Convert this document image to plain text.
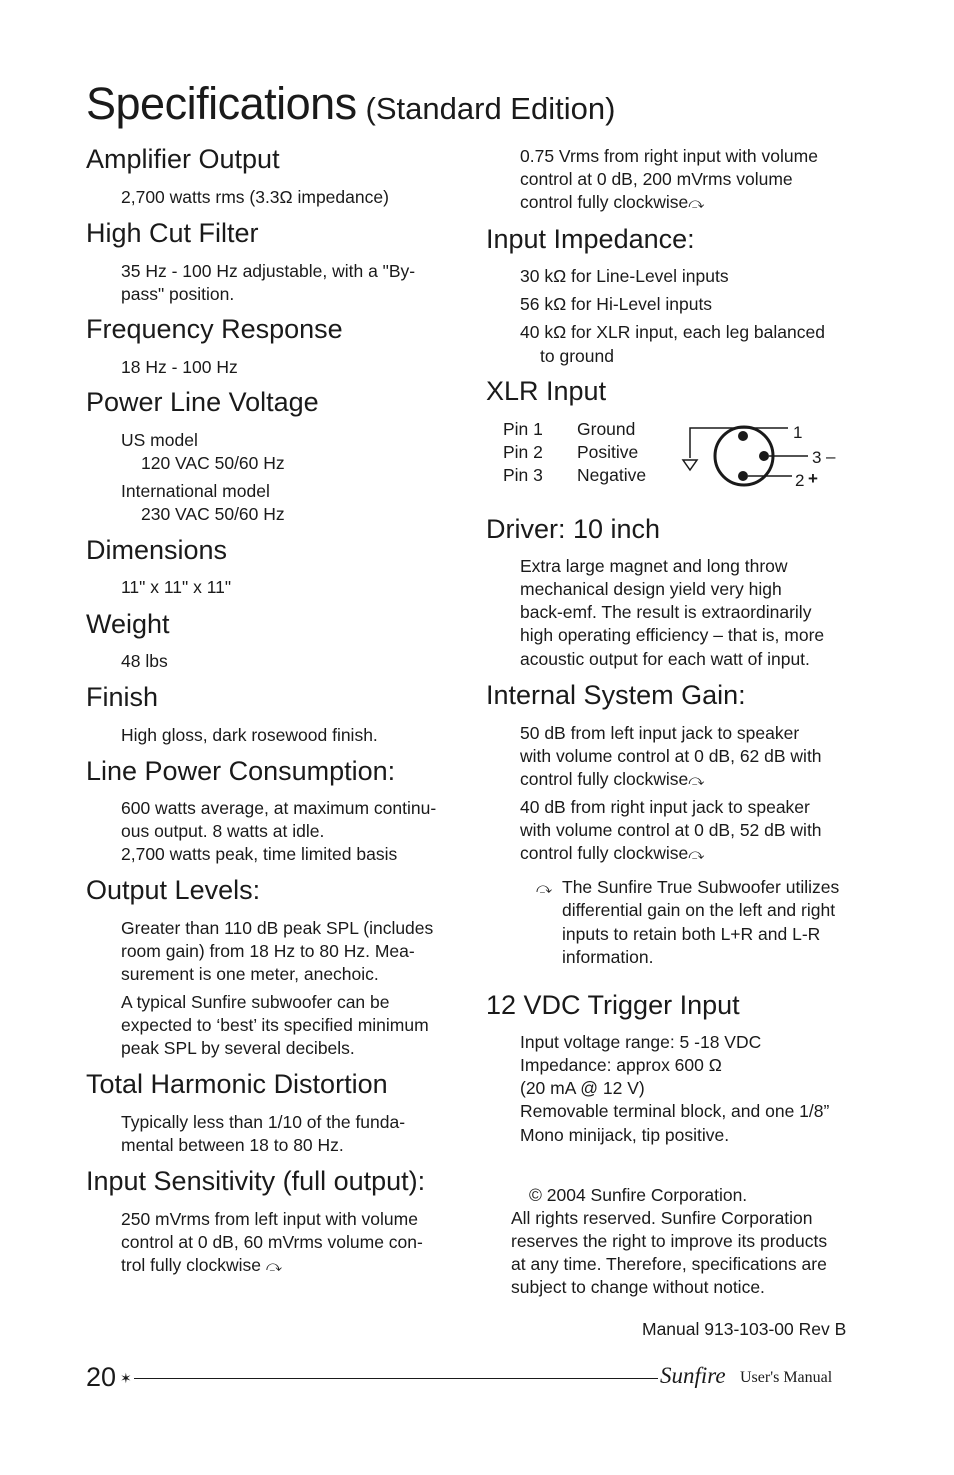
Specifications (Standard Edition)
Amplifier Output
2,700 watts rms (3.3Ω impedance)
High Cut Filter
35 Hz - 100 Hz adjustable, with a "By-
pass" position.
Frequency Response
18 Hz - 100 Hz
Power Line Voltage
US model
120 VAC 50/60 Hz
International model
230 VAC 50/60 Hz
Dimensions
11" x 11" x 11"
Weight
48 lbs
Finish
High gloss, dark rosewood finish.
Line Power Consumption:
600 watts average, at maximum continu-
ous output. 8 watts at idle.
2,700 watts peak, time limited basis
Output Levels:
Greater than 110 dB peak SPL (includes
room gain) from 18 Hz to 80 Hz. Mea-
surement is one meter, anechoic.
A typical Sunfire subwoofer can be
expected to ‘best’ its specified minimum
peak SPL by several decibels.
Total Harmonic Distortion
Typically less than 1/10 of the funda-
mental between 18 to 80 Hz.
Input Sensitivity (full output):
250 mVrms from left input with volume
control at 0 dB, 60 mVrms volume con-
trol fully clockwise ⤼
0.75 Vrms from right input with volume
control at 0 dB, 200 mVrms volume
control fully clockwise⤼
Input Impedance:
30 kΩ for Line-Level inputs
56 kΩ for Hi-Level inputs
40 kΩ for XLR input, each leg balanced
to ground
XLR Input
Pin 1 Ground
Pin 2 Positive
Pin 3 Negative
Driver: 10 inch
Extra large magnet and long throw
mechanical design yield very high
back-emf. The result is extraordinarily
high operating efficiency – that is, more
acoustic output for each watt of input.
Internal System Gain:
50 dB from left input jack to speaker
with volume control at 0 dB, 62 dB with
control fully clockwise⤼
40 dB from right input jack to speaker
with volume control at 0 dB, 52 dB with
control fully clockwise⤼
⤼ The Sunfire True Subwoofer utilizes
differential gain on the left and right
inputs to retain both L+R and L-R
information.
12 VDC Trigger Input
Input voltage range: 5 -18 VDC
Impedance: approx 600 Ω
(20 mA @ 12 V)
Removable terminal block, and one 1/8”
Mono minijack, tip positive.
© 2004 Sunfire Corporation.
All rights reserved. Sunfire Corporation
reserves the right to improve its products
at any time. Therefore, specifications are
subject to change without notice.
Manual 913-103-00 Rev B
1
3 –
2 +
20 ✶	Sunfire User's Manual
